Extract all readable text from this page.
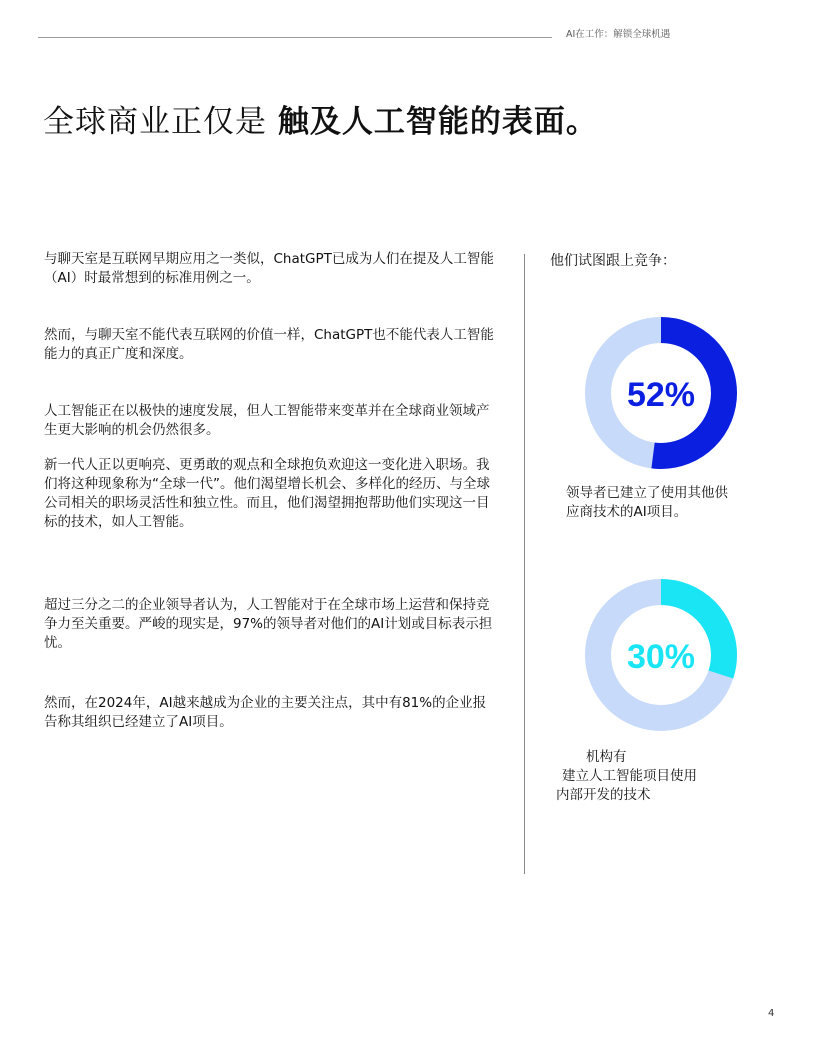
AI在工作：解锁全球机遇
全球商业正仅是 触及人工智能的表面。

与聊天室是互联网早期应用之一类似，ChatGPT已成为人们在提及人工智能（AI）时最常想到的标准用例之一。

然而，与聊天室不能代表互联网的价值一样，ChatGPT也不能代表人工智能能力的真正广度和深度。

人工智能正在以极快的速度发展，但人工智能带来变革并在全球商业领域产生更大影响的机会仍然很多。

新一代人正以更响亮、更勇敢的观点和全球抱负欢迎这一变化进入职场。我们将这种现象称为“全球一代”。他们渴望增长机会、多样化的经历、与全球公司相关的职场灵活性和独立性。而且，他们渴望拥抱帮助他们实现这一目标的技术，如人工智能。

超过三分之二的企业领导者认为，人工智能对于在全球市场上运营和保持竞争力至关重要。严峻的现实是，97%的领导者对他们的AI计划或目标表示担忧。

然而，在2024年，AI越来越成为企业的主要关注点，其中有81%的企业报告称其组织已经建立了AI项目。

他们试图跟上竞争：
52%

领导者已建立了使用其他供
应商技术的AI项目。

30%

机构有
建立人工智能项目使用
内部开发的技术

4
